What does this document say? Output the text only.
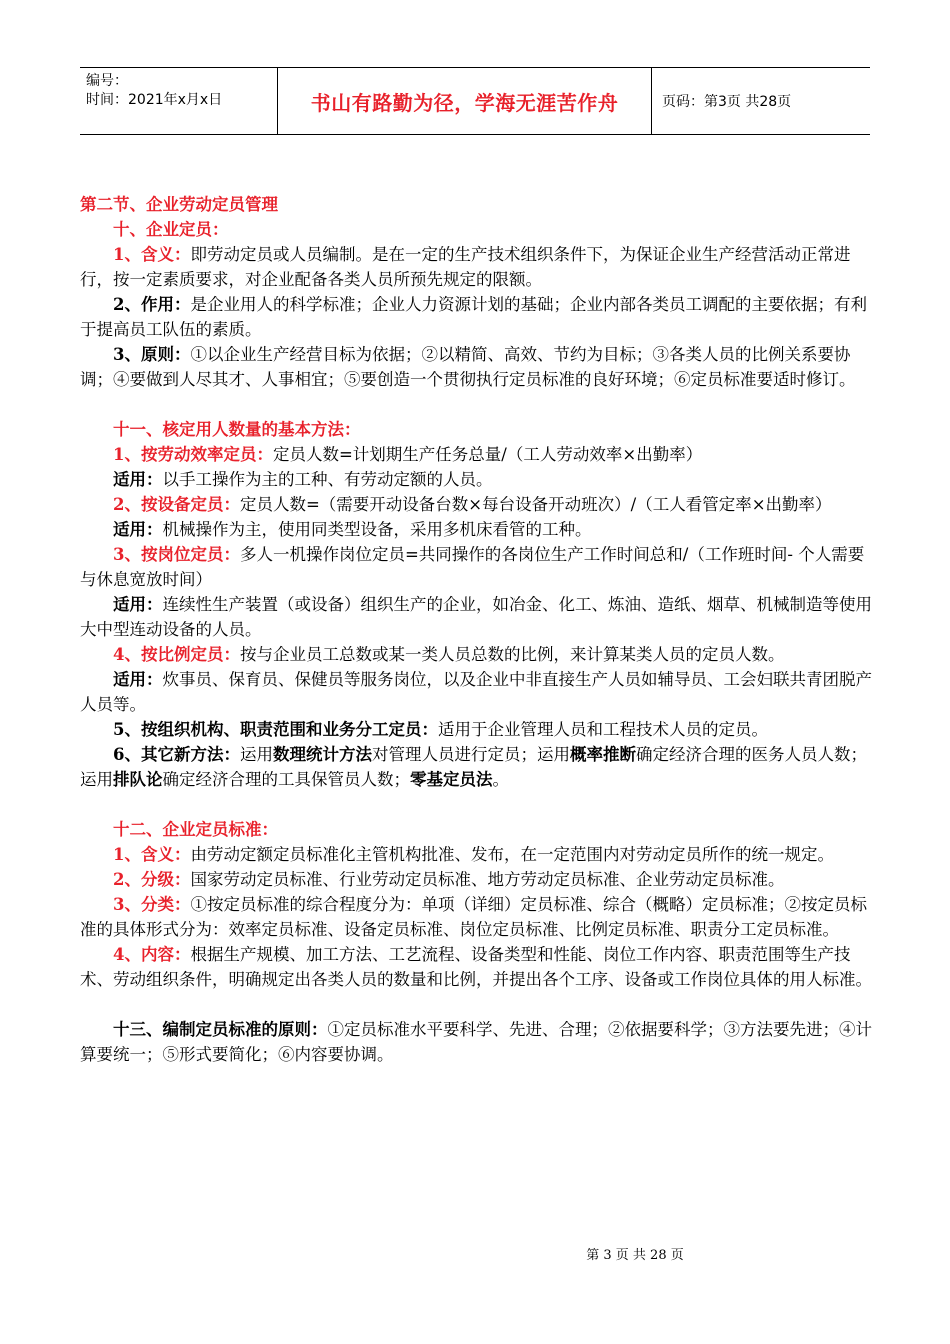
编号：
时间：2021年x月x日	书山有路勤为径，学海无涯苦作舟	页码：第3页 共28页

第二节、企业劳动定员管理

十、企业定员：

1、含义：即劳动定员或人员编制。是在一定的生产技术组织条件下，为保证企业生产经营活动正常进行，按一定素质要求，对企业配备各类人员所预先规定的限额。

2、作用：是企业用人的科学标准；企业人力资源计划的基础；企业内部各类员工调配的主要依据；有利于提高员工队伍的素质。

3、原则：①以企业生产经营目标为依据；②以精简、高效、节约为目标；③各类人员的比例关系要协调；④要做到人尽其才、人事相宜；⑤要创造一个贯彻执行定员标准的良好环境；⑥定员标准要适时修订。

十一、核定用人数量的基本方法：

1、按劳动效率定员：定员人数=计划期生产任务总量/（工人劳动效率×出勤率）

适用：以手工操作为主的工种、有劳动定额的人员。

2、按设备定员：定员人数=（需要开动设备台数×每台设备开动班次）/（工人看管定率×出勤率）

适用：机械操作为主，使用同类型设备，采用多机床看管的工种。

3、按岗位定员：多人一机操作岗位定员=共同操作的各岗位生产工作时间总和/（工作班时间- 个人需要与休息宽放时间）

适用：连续性生产装置（或设备）组织生产的企业，如冶金、化工、炼油、造纸、烟草、机械制造等使用大中型连动设备的人员。

4、按比例定员：按与企业员工总数或某一类人员总数的比例，来计算某类人员的定员人数。

适用：炊事员、保育员、保健员等服务岗位，以及企业中非直接生产人员如辅导员、工会妇联共青团脱产人员等。

5、按组织机构、职责范围和业务分工定员：适用于企业管理人员和工程技术人员的定员。

6、其它新方法：运用数理统计方法对管理人员进行定员；运用概率推断确定经济合理的医务人员人数；运用排队论确定经济合理的工具保管员人数；零基定员法。

十二、企业定员标准：

1、含义：由劳动定额定员标准化主管机构批准、发布，在一定范围内对劳动定员所作的统一规定。

2、分级：国家劳动定员标准、行业劳动定员标准、地方劳动定员标准、企业劳动定员标准。

3、分类：①按定员标准的综合程度分为：单项（详细）定员标准、综合（概略）定员标准；②按定员标准的具体形式分为：效率定员标准、设备定员标准、岗位定员标准、比例定员标准、职责分工定员标准。

4、内容：根据生产规模、加工方法、工艺流程、设备类型和性能、岗位工作内容、职责范围等生产技术、劳动组织条件，明确规定出各类人员的数量和比例，并提出各个工序、设备或工作岗位具体的用人标准。

十三、编制定员标准的原则：①定员标准水平要科学、先进、合理；②依据要科学；③方法要先进；④计算要统一；⑤形式要简化；⑥内容要协调。

第 3 页 共 28 页
